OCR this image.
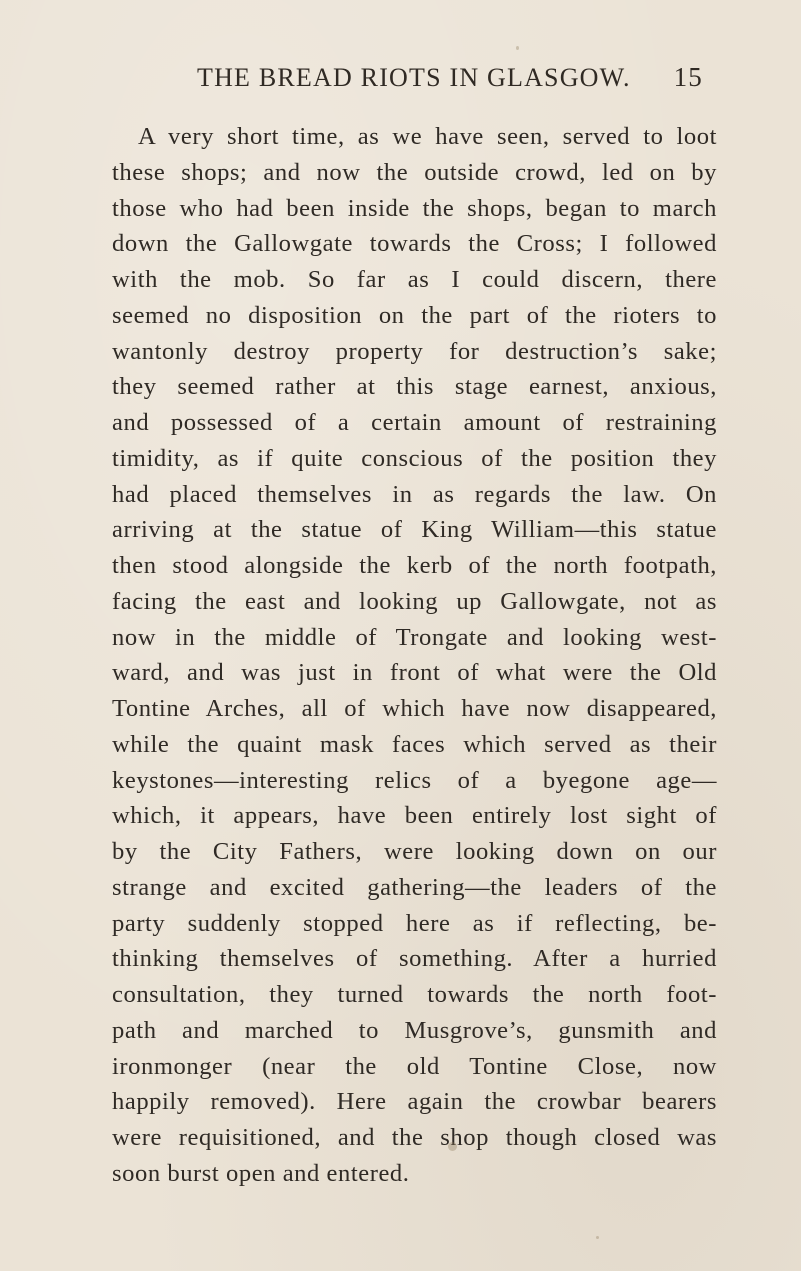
THE BREAD RIOTS IN GLASGOW. 15
A very short time, as we have seen, served to loot
these shops; and now the outside crowd, led on by
those who had been inside the shops, began to march
down the Gallowgate towards the Cross; I followed
with the mob. So far as I could discern, there
seemed no disposition on the part of the rioters to
wantonly destroy property for destruction’s sake;
they seemed rather at this stage earnest, anxious,
and possessed of a certain amount of restraining
timidity, as if quite conscious of the position they
had placed themselves in as regards the law. On
arriving at the statue of King William—this statue
then stood alongside the kerb of the north footpath,
facing the east and looking up Gallowgate, not as
now in the middle of Trongate and looking west-
ward, and was just in front of what were the Old
Tontine Arches, all of which have now disappeared,
while the quaint mask faces which served as their
keystones—interesting relics of a byegone age—
which, it appears, have been entirely lost sight of
by the City Fathers, were looking down on our
strange and excited gathering—the leaders of the
party suddenly stopped here as if reflecting, be-
thinking themselves of something. After a hurried
consultation, they turned towards the north foot-
path and marched to Musgrove’s, gunsmith and
ironmonger (near the old Tontine Close, now
happily removed). Here again the crowbar bearers
were requisitioned, and the shop though closed was
soon burst open and entered.
